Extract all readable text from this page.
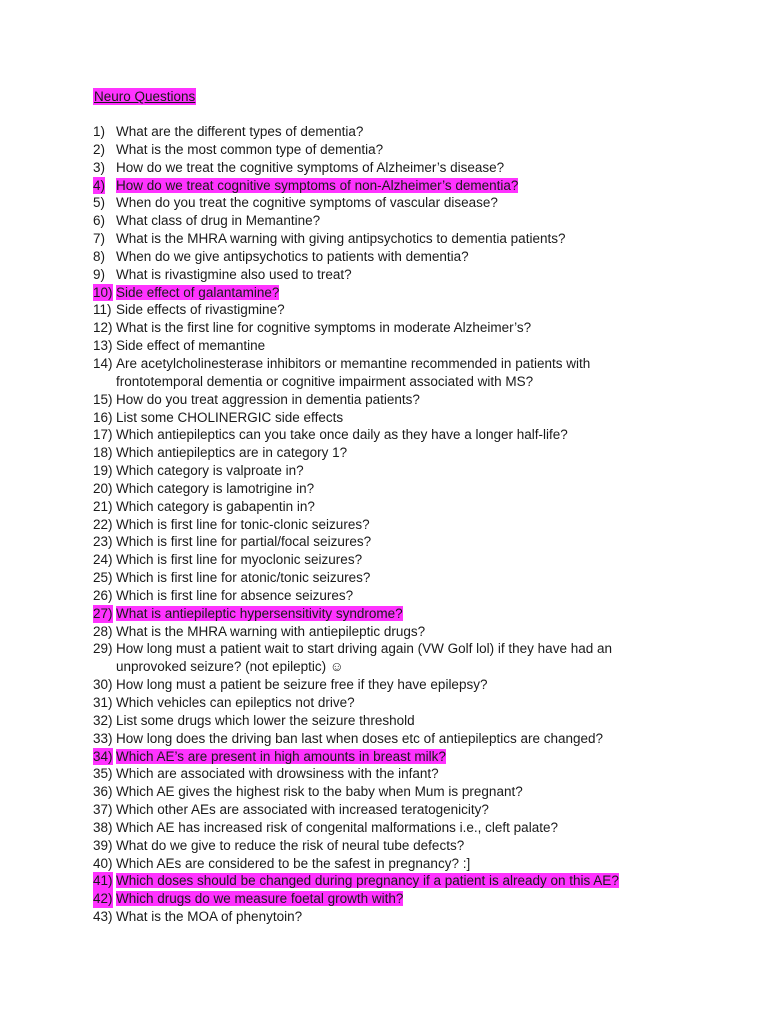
Neuro Questions
1) What are the different types of dementia?
2) What is the most common type of dementia?
3) How do we treat the cognitive symptoms of Alzheimer’s disease?
4) How do we treat cognitive symptoms of non-Alzheimer’s dementia?
5) When do you treat the cognitive symptoms of vascular disease?
6) What class of drug in Memantine?
7) What is the MHRA warning with giving antipsychotics to dementia patients?
8) When do we give antipsychotics to patients with dementia?
9) What is rivastigmine also used to treat?
10) Side effect of galantamine?
11) Side effects of rivastigmine?
12) What is the first line for cognitive symptoms in moderate Alzheimer’s?
13) Side effect of memantine
14) Are acetylcholinesterase inhibitors or memantine recommended in patients with
frontotemporal dementia or cognitive impairment associated with MS?
15) How do you treat aggression in dementia patients?
16) List some CHOLINERGIC side effects
17) Which antiepileptics can you take once daily as they have a longer half-life?
18) Which antiepileptics are in category 1?
19) Which category is valproate in?
20) Which category is lamotrigine in?
21) Which category is gabapentin in?
22) Which is first line for tonic-clonic seizures?
23) Which is first line for partial/focal seizures?
24) Which is first line for myoclonic seizures?
25) Which is first line for atonic/tonic seizures?
26) Which is first line for absence seizures?
27) What is antiepileptic hypersensitivity syndrome?
28) What is the MHRA warning with antiepileptic drugs?
29) How long must a patient wait to start driving again (VW Golf lol) if they have had an
unprovoked seizure? (not epileptic) ☺
30) How long must a patient be seizure free if they have epilepsy?
31) Which vehicles can epileptics not drive?
32) List some drugs which lower the seizure threshold
33) How long does the driving ban last when doses etc of antiepileptics are changed?
34) Which AE’s are present in high amounts in breast milk?
35) Which are associated with drowsiness with the infant?
36) Which AE gives the highest risk to the baby when Mum is pregnant?
37) Which other AEs are associated with increased teratogenicity?
38) Which AE has increased risk of congenital malformations i.e., cleft palate?
39) What do we give to reduce the risk of neural tube defects?
40) Which AEs are considered to be the safest in pregnancy? :]
41) Which doses should be changed during pregnancy if a patient is already on this AE?
42) Which drugs do we measure foetal growth with?
43) What is the MOA of phenytoin?
